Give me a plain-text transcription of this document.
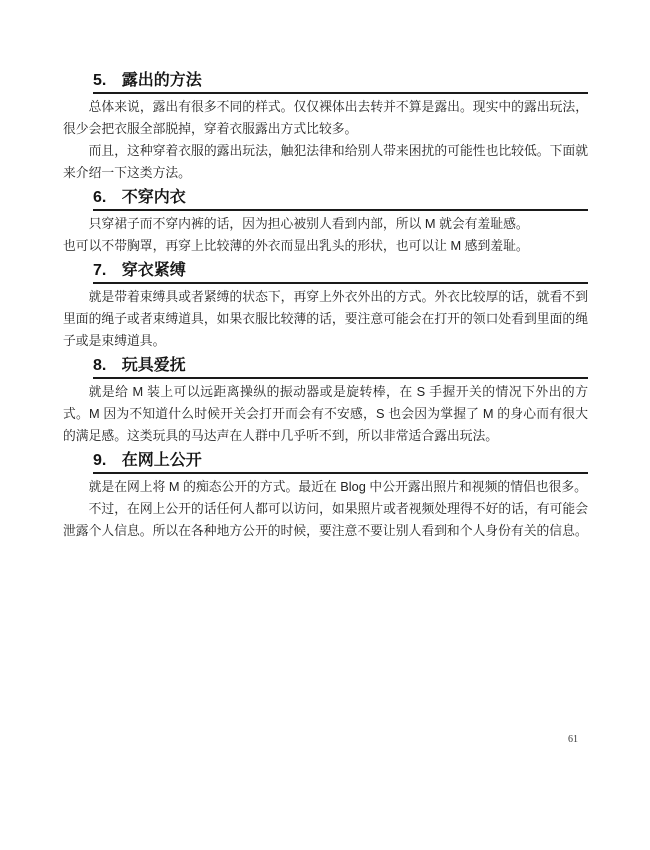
5. 露出的方法

总体来说，露出有很多不同的样式。仅仅裸体出去转并不算是露出。现实中的露出玩法，很少会把衣服全部脱掉，穿着衣服露出方式比较多。

而且，这种穿着衣服的露出玩法，触犯法律和给别人带来困扰的可能性也比较低。下面就来介绍一下这类方法。

6. 不穿内衣

只穿裙子而不穿内裤的话，因为担心被别人看到内部，所以 M 就会有羞耻感。

也可以不带胸罩，再穿上比较薄的外衣而显出乳头的形状，也可以让 M 感到羞耻。

7. 穿衣紧缚

就是带着束缚具或者紧缚的状态下，再穿上外衣外出的方式。外衣比较厚的话，就看不到里面的绳子或者束缚道具，如果衣服比较薄的话，要注意可能会在打开的领口处看到里面的绳子或是束缚道具。

8. 玩具爱抚

就是给 M 装上可以远距离操纵的振动器或是旋转棒，在 S 手握开关的情况下外出的方式。M 因为不知道什么时候开关会打开而会有不安感，S 也会因为掌握了 M 的身心而有很大的满足感。这类玩具的马达声在人群中几乎听不到，所以非常适合露出玩法。

9. 在网上公开

就是在网上将 M 的痴态公开的方式。最近在 Blog 中公开露出照片和视频的情侣也很多。

不过，在网上公开的话任何人都可以访问，如果照片或者视频处理得不好的话，有可能会泄露个人信息。所以在各种地方公开的时候，要注意不要让别人看到和个人身份有关的信息。

61
